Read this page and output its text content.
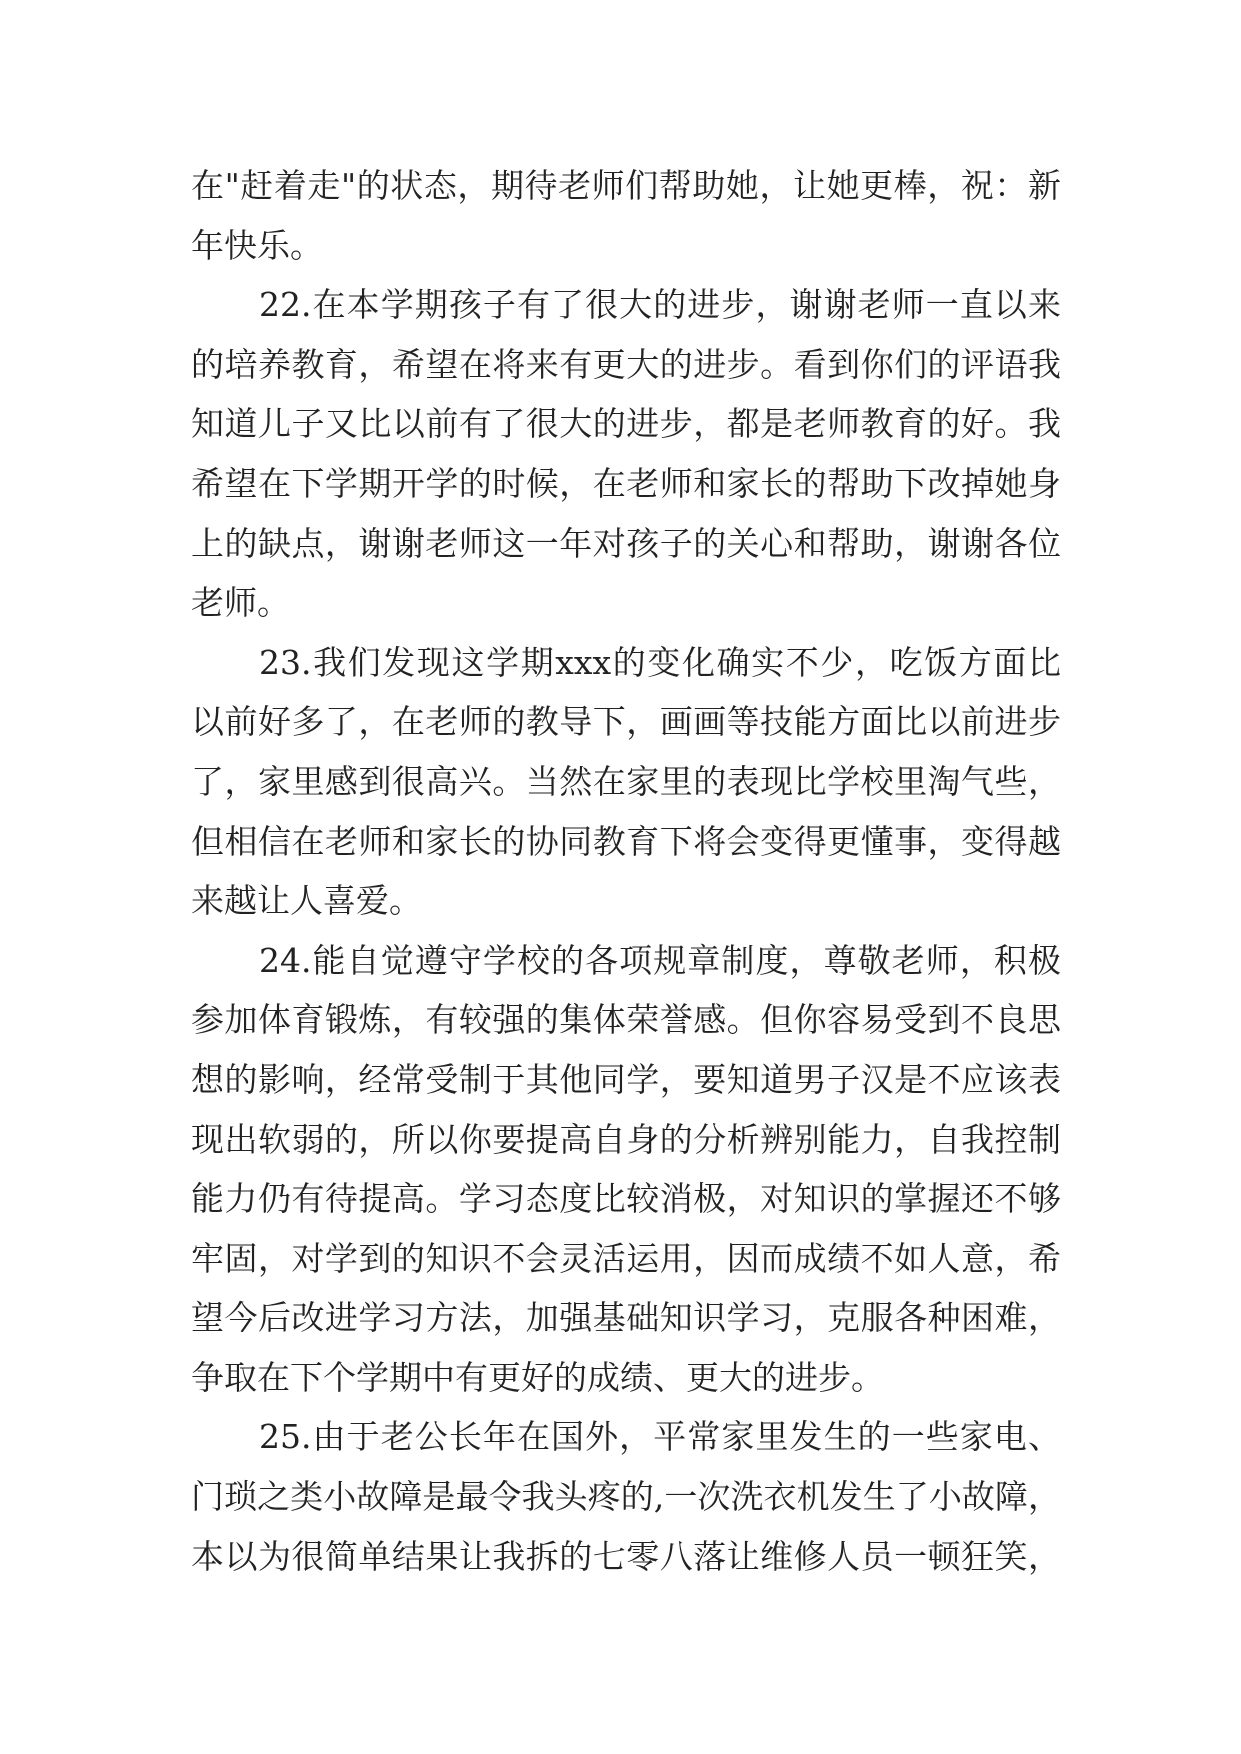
在"赶着走"的状态，期待老师们帮助她，让她更棒，祝：新
年快乐。
22.在本学期孩子有了很大的进步，谢谢老师一直以来
的培养教育，希望在将来有更大的进步。看到你们的评语我
知道儿子又比以前有了很大的进步，都是老师教育的好。我
希望在下学期开学的时候，在老师和家长的帮助下改掉她身
上的缺点，谢谢老师这一年对孩子的关心和帮助，谢谢各位
老师。
23.我们发现这学期xxx的变化确实不少，吃饭方面比
以前好多了，在老师的教导下，画画等技能方面比以前进步
了，家里感到很高兴。当然在家里的表现比学校里淘气些，
但相信在老师和家长的协同教育下将会变得更懂事，变得越
来越让人喜爱。
24.能自觉遵守学校的各项规章制度，尊敬老师，积极
参加体育锻炼，有较强的集体荣誉感。但你容易受到不良思
想的影响，经常受制于其他同学，要知道男子汉是不应该表
现出软弱的，所以你要提高自身的分析辨别能力，自我控制
能力仍有待提高。学习态度比较消极，对知识的掌握还不够
牢固，对学到的知识不会灵活运用，因而成绩不如人意，希
望今后改进学习方法，加强基础知识学习，克服各种困难，
争取在下个学期中有更好的成绩、更大的进步。
25.由于老公长年在国外，平常家里发生的一些家电、
门琐之类小故障是最令我头疼的,一次洗衣机发生了小故障，
本以为很简单结果让我拆的七零八落让维修人员一顿狂笑，
